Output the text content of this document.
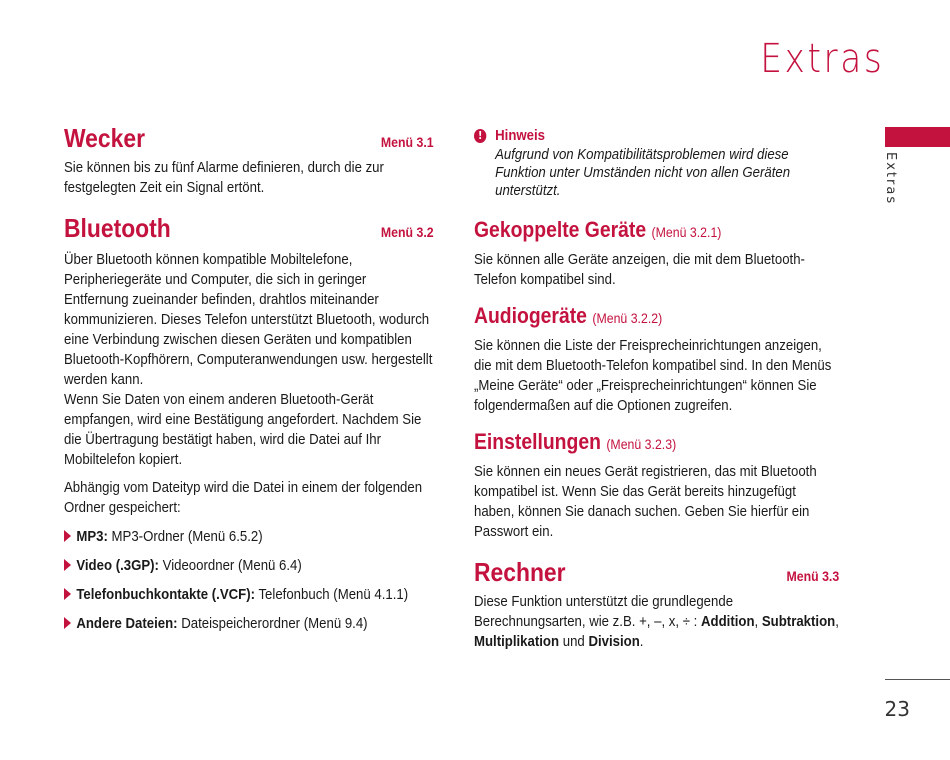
Extras
Extras
23
Wecker	Menü 3.1

Sie können bis zu fünf Alarme definieren, durch die zur festgelegten Zeit ein Signal ertönt.

Bluetooth	Menü 3.2

Über Bluetooth können kompatible Mobiltelefone, Peripheriegeräte und Computer, die sich in geringer Entfernung zueinander befinden, drahtlos miteinander kommunizieren. Dieses Telefon unterstützt Bluetooth, wodurch eine Verbindung zwischen diesen Geräten und kompatiblen Bluetooth-Kopfhörern, Computeranwendungen usw. hergestellt werden kann.

Wenn Sie Daten von einem anderen Bluetooth-Gerät empfangen, wird eine Bestätigung angefordert. Nachdem Sie die Übertragung bestätigt haben, wird die Datei auf Ihr Mobiltelefon kopiert.

Abhängig vom Dateityp wird die Datei in einem der folgenden Ordner gespeichert:

MP3: MP3-Ordner (Menü 6.5.2)
Video (.3GP): Videoordner (Menü 6.4)
Telefonbuchkontakte (.VCF): Telefonbuch (Menü 4.1.1)
Andere Dateien: Dateispeicherordner (Menü 9.4)
! Hinweis

Aufgrund von Kompatibilitätsproblemen wird diese Funktion unter Umständen nicht von allen Geräten unterstützt.

Gekoppelte Geräte (Menü 3.2.1)

Sie können alle Geräte anzeigen, die mit dem Bluetooth-Telefon kompatibel sind.

Audiogeräte (Menü 3.2.2)

Sie können die Liste der Freisprecheinrichtungen anzeigen, die mit dem Bluetooth-Telefon kompatibel sind. In den Menüs „Meine Geräte“ oder „Freisprecheinrichtungen“ können Sie folgendermaßen auf die Optionen zugreifen.

Einstellungen (Menü 3.2.3)

Sie können ein neues Gerät registrieren, das mit Bluetooth kompatibel ist. Wenn Sie das Gerät bereits hinzugefügt haben, können Sie danach suchen. Geben Sie hierfür ein Passwort ein.

Rechner	Menü 3.3

Diese Funktion unterstützt die grundlegende Berechnungsarten, wie z.B. +, –, x, ÷ : Addition, Subtraktion,
Multiplikation und Division.
